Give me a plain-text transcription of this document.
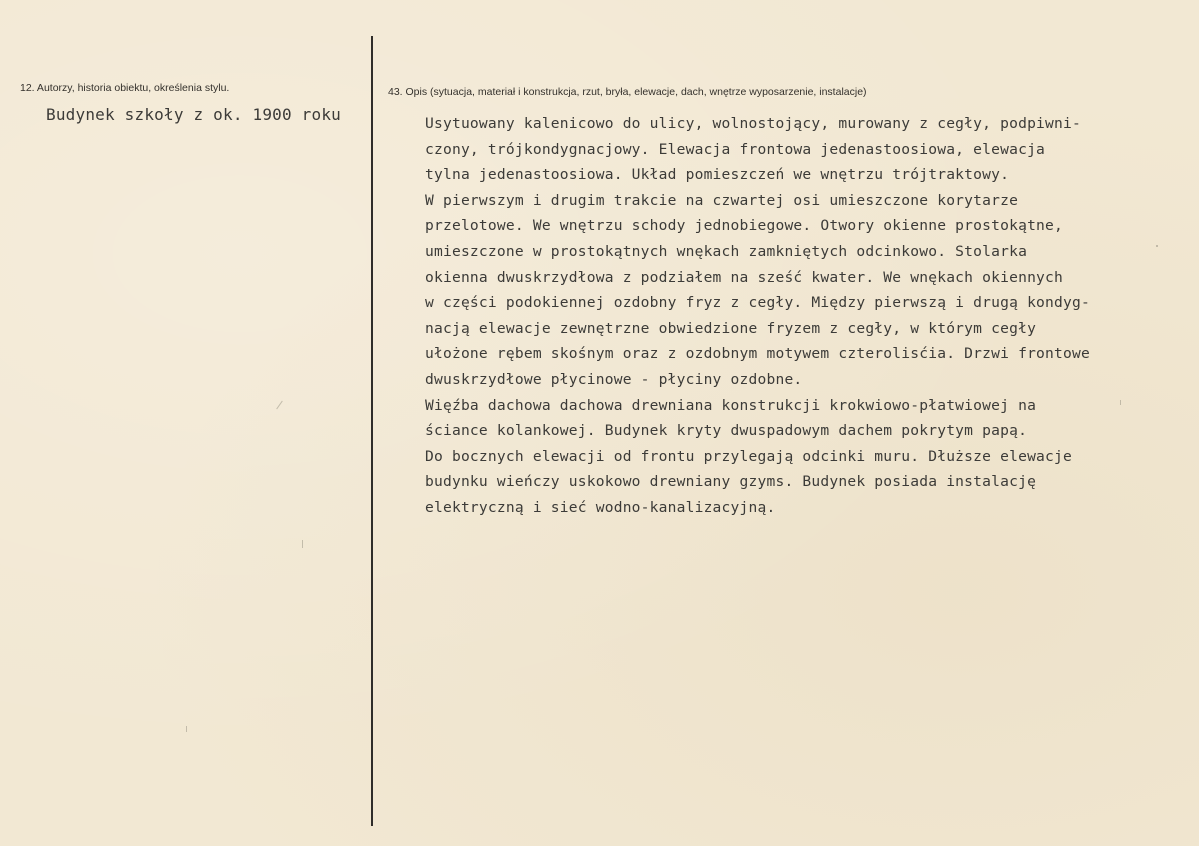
12. Autorzy, historia obiektu, określenia stylu.
Budynek szkoły z ok. 1900 roku
43. Opis (sytuacja, materiał i konstrukcja, rzut, bryła, elewacje, dach, wnętrze wyposarzenie, instalacje)
Usytuowany kalenicowo do ulicy, wolnostojący, murowany z cegły, podpiwni-
czony, trójkondygnacjowy. Elewacja frontowa jedenastoosiowa, elewacja
tylna jedenastoosiowa. Układ pomieszczeń we wnętrzu trójtraktowy.
W pierwszym i drugim trakcie na czwartej osi umieszczone korytarze
przelotowe. We wnętrzu schody jednobiegowe. Otwory okienne prostokątne,
umieszczone w prostokątnych wnękach zamkniętych odcinkowo. Stolarka
okienna dwuskrzydłowa z podziałem na sześć kwater. We wnękach okiennych
w części podokiennej ozdobny fryz z cegły. Między pierwszą i drugą kondyg-
nacją elewacje zewnętrzne obwiedzione fryzem z cegły, w którym cegły
ułożone rębem skośnym oraz z ozdobnym motywem czterolisćia. Drzwi frontowe
dwuskrzydłowe płycinowe - płyciny ozdobne.
Więźba dachowa dachowa drewniana konstrukcji krokwiowo-płatwiowej na
ściance kolankowej. Budynek kryty dwuspadowym dachem pokrytym papą.
Do bocznych elewacji od frontu przylegają odcinki muru. Dłuższe elewacje
budynku wieńczy uskokowo drewniany gzyms. Budynek posiada instalację
elektryczną i sieć wodno-kanalizacyjną.
